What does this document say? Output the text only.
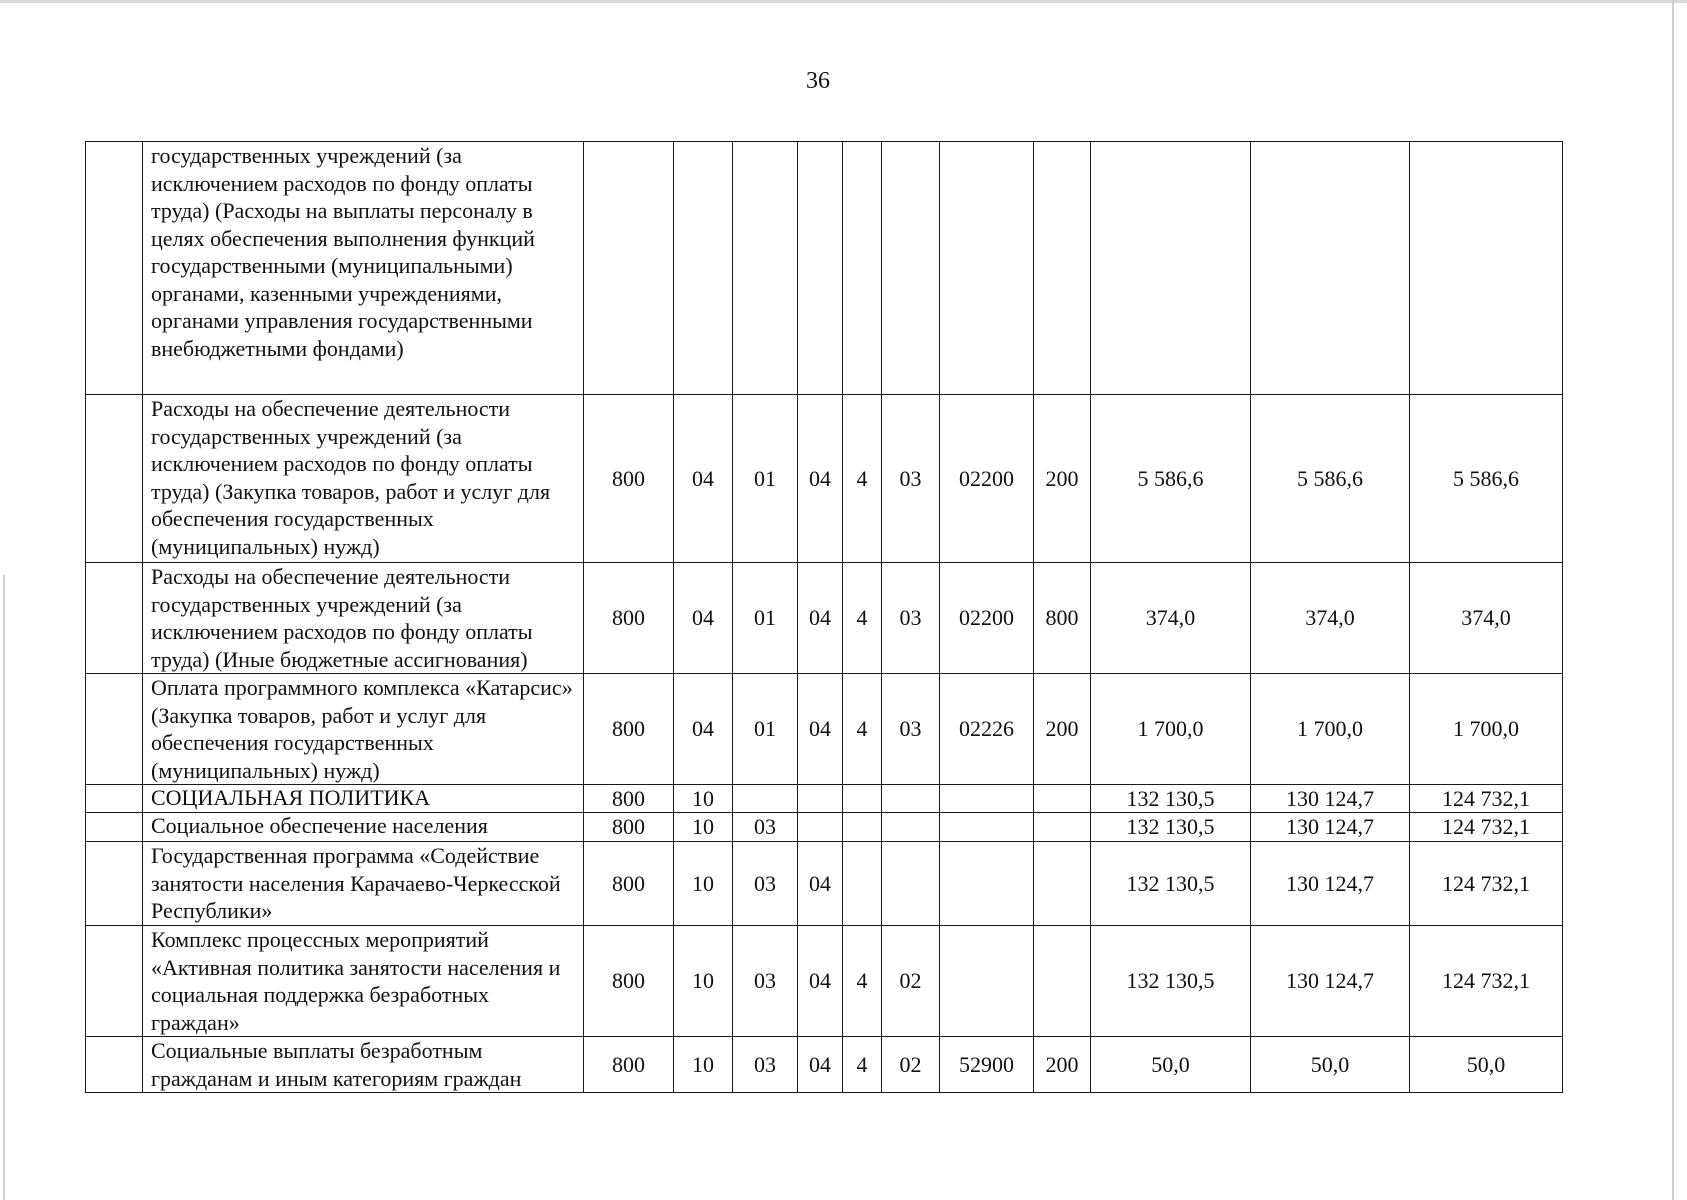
36
	государственных учреждений (за исключением расходов по фонду оплаты труда) (Расходы на выплаты персоналу в целях обеспечения выполнения функций государственными (муниципальными) органами, казенными учреждениями, органами управления государственными внебюджетными фондами)											
	Расходы на обеспечение деятельности государственных учреждений (за исключением расходов по фонду оплаты труда) (Закупка товаров, работ и услуг для обеспечения государственных (муниципальных) нужд)	800	04	01	04	4	03	02200	200	5 586,6	5 586,6	5 586,6
	Расходы на обеспечение деятельности государственных учреждений (за исключением расходов по фонду оплаты труда) (Иные бюджетные ассигнования)	800	04	01	04	4	03	02200	800	374,0	374,0	374,0
	Оплата программного комплекса «Катарсис» (Закупка товаров, работ и услуг для обеспечения государственных (муниципальных) нужд)	800	04	01	04	4	03	02226	200	1 700,0	1 700,0	1 700,0
	СОЦИАЛЬНАЯ ПОЛИТИКА	800	10							132 130,5	130 124,7	124 732,1
	Социальное обеспечение населения	800	10	03						132 130,5	130 124,7	124 732,1
	Государственная программа «Содействие занятости населения Карачаево-Черкесской Республики»	800	10	03	04					132 130,5	130 124,7	124 732,1
	Комплекс процессных мероприятий «Активная политика занятости населения и социальная поддержка безработных граждан»	800	10	03	04	4	02			132 130,5	130 124,7	124 732,1
	Социальные выплаты безработным гражданам и иным категориям граждан	800	10	03	04	4	02	52900	200	50,0	50,0	50,0
